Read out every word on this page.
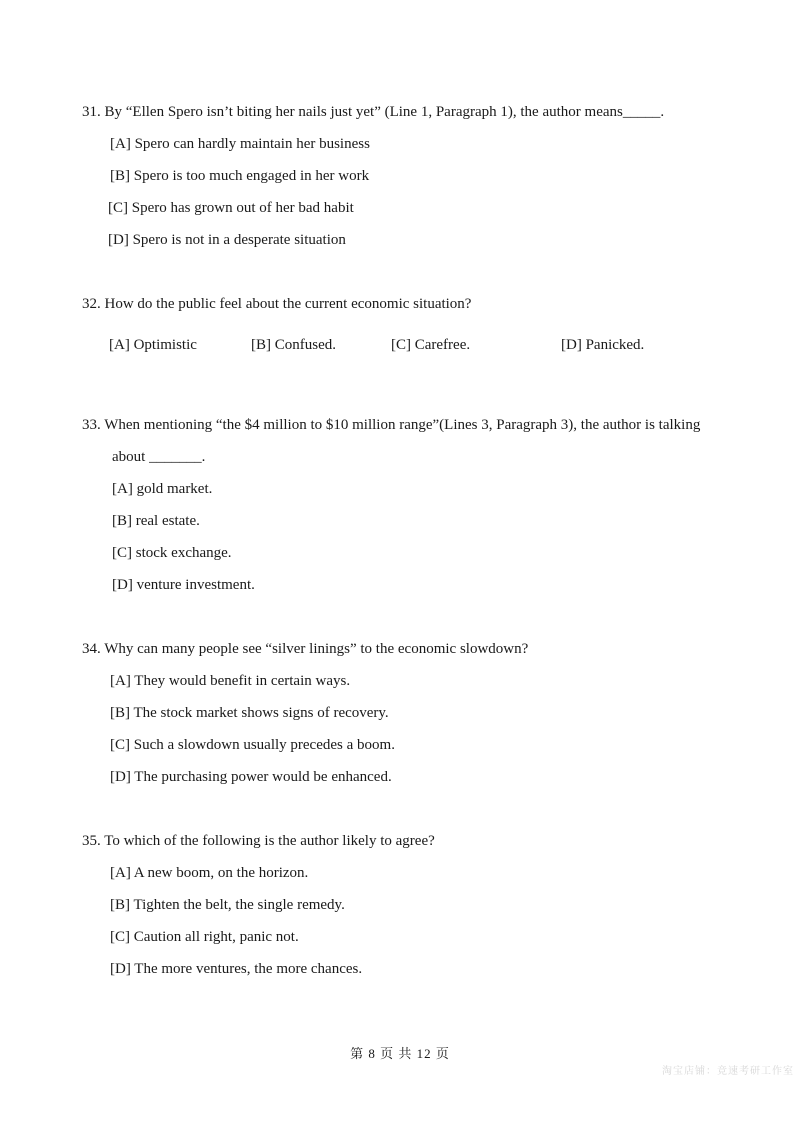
31. By “Ellen Spero isn’t biting her nails just yet” (Line 1, Paragraph 1), the author means_____.
[A] Spero can hardly maintain her business
[B] Spero is too much engaged in her work
[C] Spero has grown out of her bad habit
[D] Spero is not in a desperate situation
32. How do the public feel about the current economic situation?
[A] Optimistic	[B] Confused.	[C] Carefree.	[D] Panicked.
33. When mentioning “the $4 million to $10 million range”(Lines 3, Paragraph 3), the author is talking
about _______.
[A] gold market.
[B] real estate.
[C] stock exchange.
[D] venture investment.
34. Why can many people see “silver linings” to the economic slowdown?
[A] They would benefit in certain ways.
[B] The stock market shows signs of recovery.
[C] Such a slowdown usually precedes a boom.
[D] The purchasing power would be enhanced.
35. To which of the following is the author likely to agree?
[A] A new boom, on the horizon.
[B] Tighten the belt, the single remedy.
[C] Caution all right, panic not.
[D] The more ventures, the more chances.
第 8 页 共 12 页
淘宝店铺：竞速考研工作室
